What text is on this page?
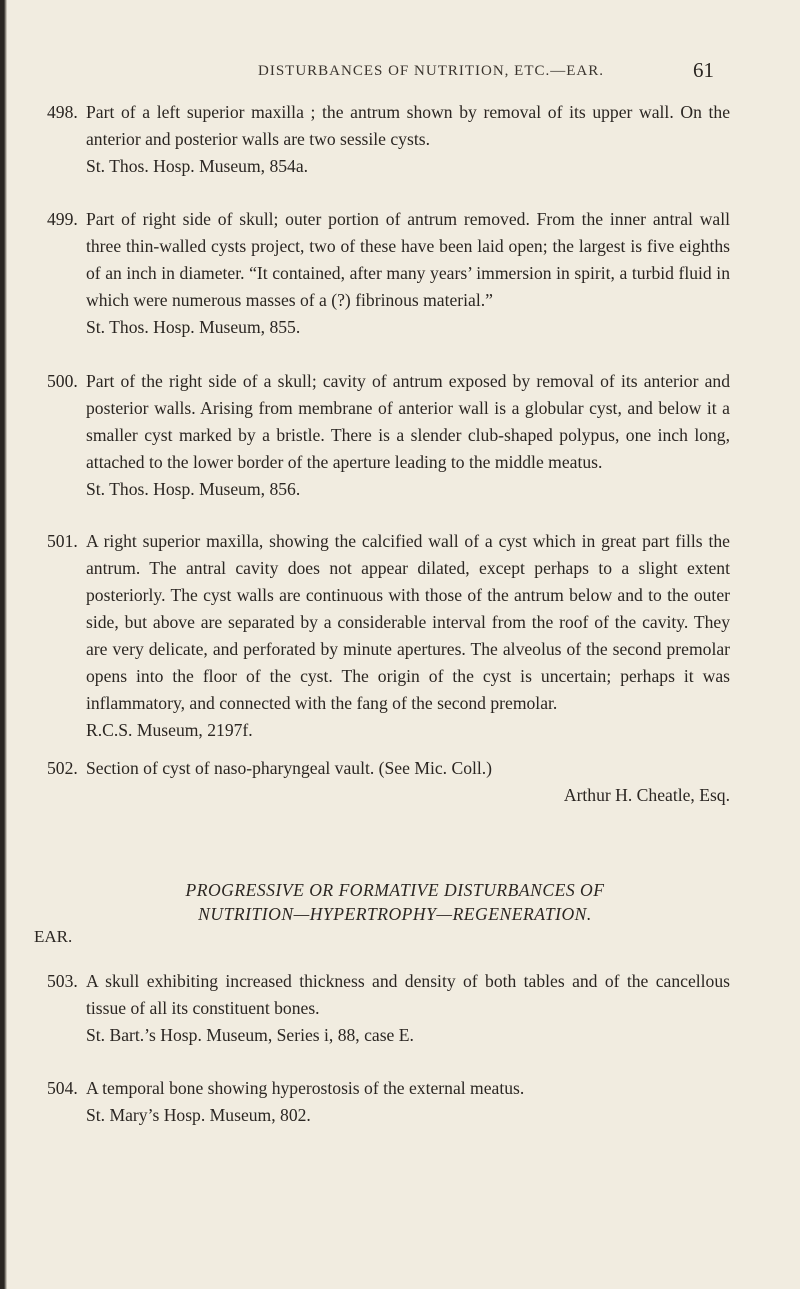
DISTURBANCES OF NUTRITION, ETC.—EAR.	61
498. Part of a left superior maxilla ; the antrum shown by removal of its upper wall. On the anterior and posterior walls are two sessile cysts.
St. Thos. Hosp. Museum, 854a.
499. Part of right side of skull; outer portion of antrum removed. From the inner antral wall three thin-walled cysts project, two of these have been laid open; the largest is five eighths of an inch in diameter. “It contained, after many years’ immersion in spirit, a turbid fluid in which were numerous masses of a (?) fibrinous material.”
St. Thos. Hosp. Museum, 855.
500. Part of the right side of a skull; cavity of antrum exposed by removal of its anterior and posterior walls. Arising from membrane of anterior wall is a globular cyst, and below it a smaller cyst marked by a bristle. There is a slender club-shaped polypus, one inch long, attached to the lower border of the aperture leading to the middle meatus.
St. Thos. Hosp. Museum, 856.
501. A right superior maxilla, showing the calcified wall of a cyst which in great part fills the antrum. The antral cavity does not appear dilated, except perhaps to a slight extent posteriorly. The cyst walls are continuous with those of the antrum below and to the outer side, but above are separated by a considerable interval from the roof of the cavity. They are very delicate, and perforated by minute apertures. The alveolus of the second premolar opens into the floor of the cyst. The origin of the cyst is uncertain; perhaps it was inflammatory, and connected with the fang of the second premolar.
R.C.S. Museum, 2197f.
502. Section of cyst of naso-pharyngeal vault. (See Mic. Coll.)
Arthur H. Cheatle, Esq.
PROGRESSIVE OR FORMATIVE DISTURBANCES OF
NUTRITION—HYPERTROPHY—REGENERATION.
EAR.
503. A skull exhibiting increased thickness and density of both tables and of the cancellous tissue of all its constituent bones.
St. Bart.’s Hosp. Museum, Series i, 88, case E.
504. A temporal bone showing hyperostosis of the external meatus.
St. Mary’s Hosp. Museum, 802.
